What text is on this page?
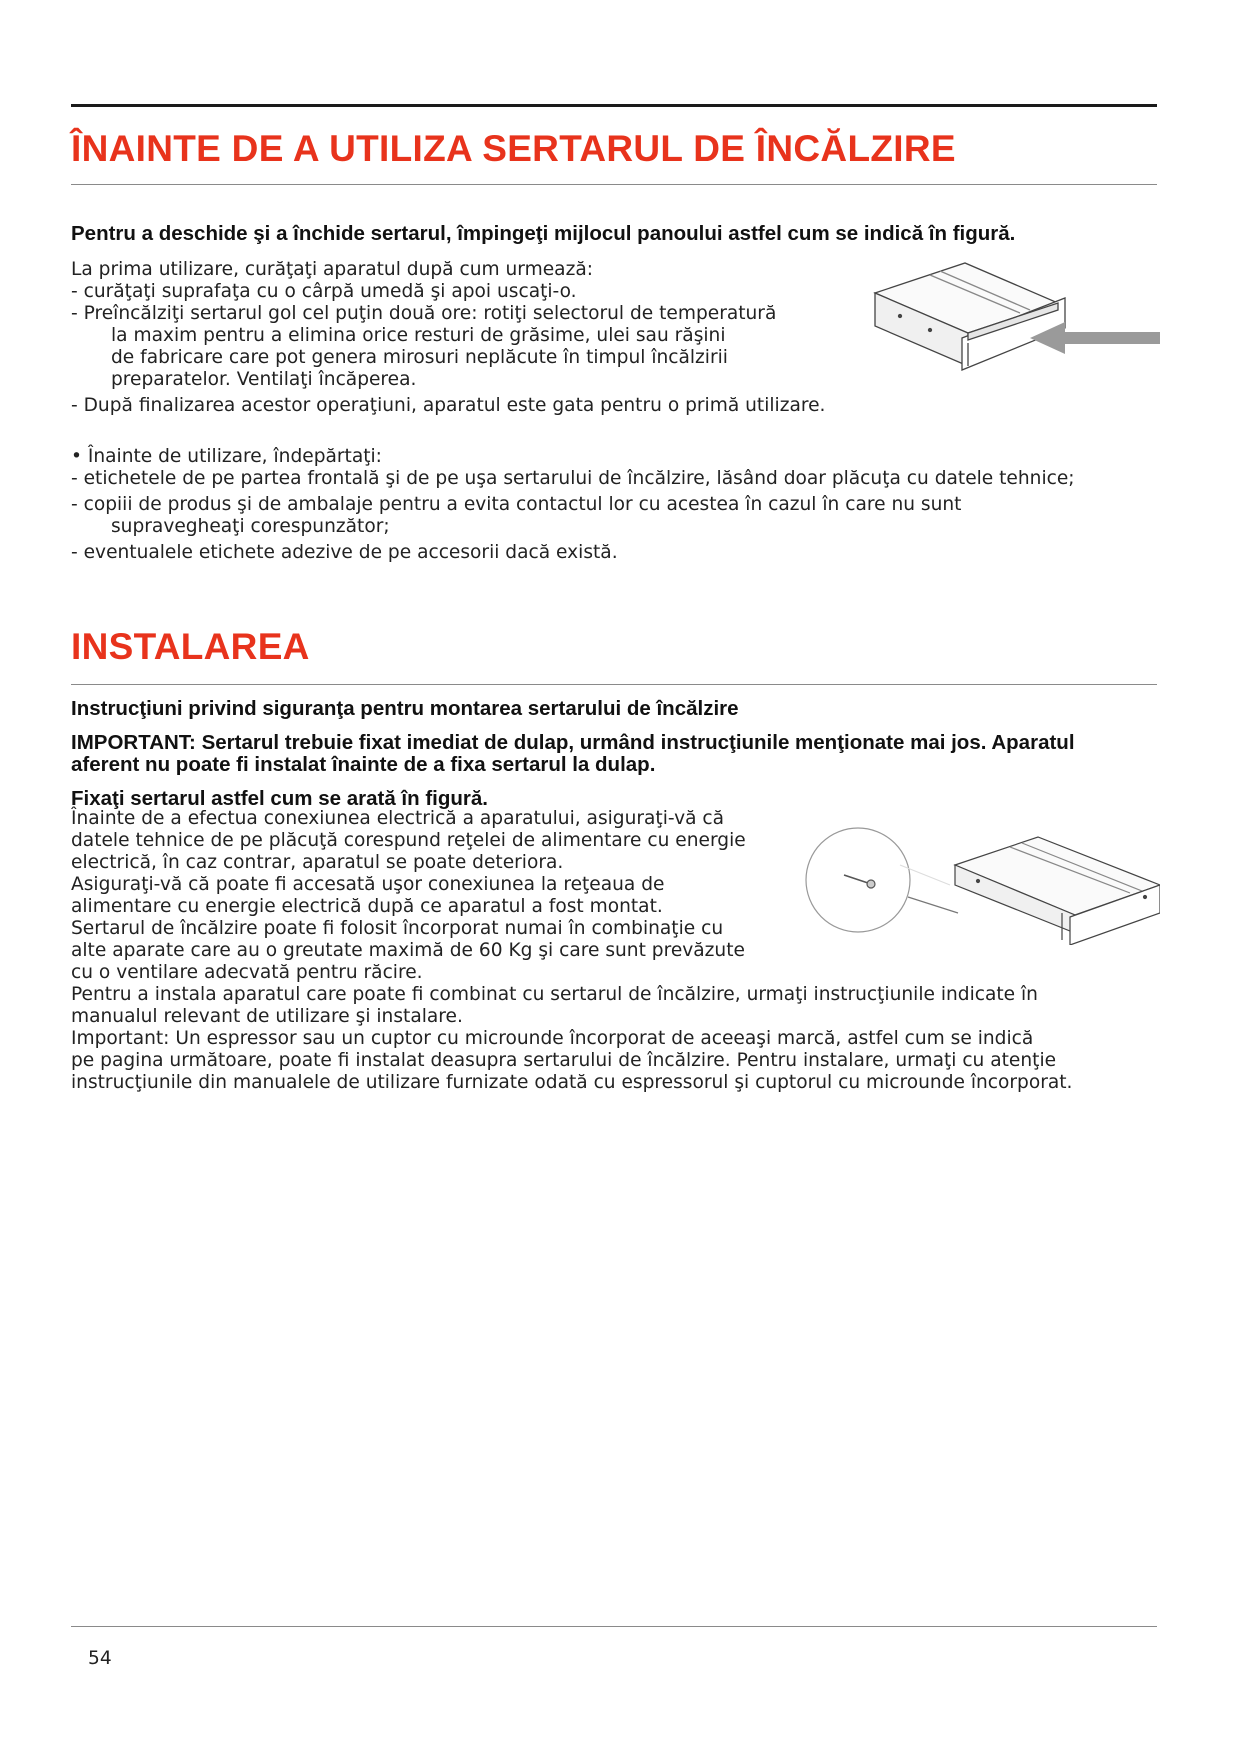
ÎNAINTE DE A UTILIZA SERTARUL DE ÎNCĂLZIRE
Pentru a deschide şi a închide sertarul, împingeţi mijlocul panoului astfel cum se indică în figură.
La prima utilizare, curăţaţi aparatul după cum urmează:
- curăţaţi suprafaţa cu o cârpă umedă şi apoi uscaţi-o.
- Preîncălziţi sertarul gol cel puţin două ore: rotiţi selectorul de temperatură
la maxim pentru a elimina orice resturi de grăsime, ulei sau răşini
de fabricare care pot genera mirosuri neplăcute în timpul încălzirii
preparatelor. Ventilaţi încăperea.
- După finalizarea acestor operaţiuni, aparatul este gata pentru o primă utilizare.
• Înainte de utilizare, îndepărtaţi:
- etichetele de pe partea frontală şi de pe uşa sertarului de încălzire, lăsând doar plăcuţa cu datele tehnice;
- copiii de produs şi de ambalaje pentru a evita contactul lor cu acestea în cazul în care nu sunt
supravegheaţi corespunzător;
- eventualele etichete adezive de pe accesorii dacă există.
INSTALAREA
Instrucţiuni privind siguranţa pentru montarea sertarului de încălzire
IMPORTANT: Sertarul trebuie fixat imediat de dulap, urmând instrucţiunile menţionate mai jos. Aparatul
aferent nu poate fi instalat înainte de a fixa sertarul la dulap.
Fixaţi sertarul astfel cum se arată în figură.
Înainte de a efectua conexiunea electrică a aparatului, asiguraţi-vă că
datele tehnice de pe plăcuţă corespund reţelei de alimentare cu energie
electrică, în caz contrar, aparatul se poate deteriora.
Asiguraţi-vă că poate fi accesată uşor conexiunea la reţeaua de
alimentare cu energie electrică după ce aparatul a fost montat.
Sertarul de încălzire poate fi folosit încorporat numai în combinaţie cu
alte aparate care au o greutate maximă de 60 Kg şi care sunt prevăzute
cu o ventilare adecvată pentru răcire.
Pentru a instala aparatul care poate fi combinat cu sertarul de încălzire, urmaţi instrucţiunile indicate în
manualul relevant de utilizare şi instalare.
Important: Un espressor sau un cuptor cu microunde încorporat de aceeaşi marcă, astfel cum se indică
pe pagina următoare, poate fi instalat deasupra sertarului de încălzire. Pentru instalare, urmaţi cu atenţie
instrucţiunile din manualele de utilizare furnizate odată cu espressorul şi cuptorul cu microunde încorporat.
54
